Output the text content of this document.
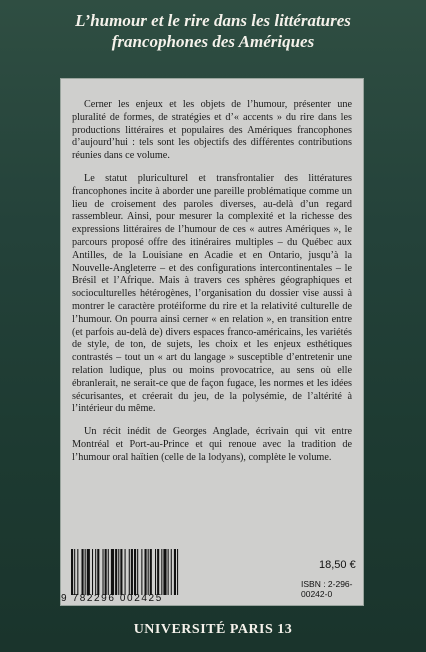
L’humour et le rire dans les littératures
francophones des Amériques

Cerner les enjeux et les objets de l’humour, présenter une pluralité de formes, de stratégies et d’« accents » du rire dans les productions littéraires et populaires des Amériques francophones d’aujourd’hui : tels sont les objectifs des différentes contributions réunies dans ce volume.

Le statut pluriculturel et transfrontalier des littératures francophones incite à aborder une pareille problématique comme un lieu de croisement des paroles diverses, au-delà d’un regard rassembleur. Ainsi, pour mesurer la complexité et la richesse des expressions littéraires de l’humour de ces « autres Amériques », le parcours proposé offre des itinéraires multiples – du Québec aux Antilles, de la Louisiane en Acadie et en Ontario, jusqu’à la Nouvelle-Angleterre – et des configurations intercontinentales – le Brésil et l’Afrique. Mais à travers ces sphères géographiques et socioculturelles hétérogènes, l’organisation du dossier vise aussi à montrer le caractère protéiforme du rire et la relativité culturelle de l’humour. On pourra ainsi cerner « en relation », en transition entre (et parfois au-delà de) divers espaces franco-américains, les variétés de style, de ton, de sujets, les choix et les enjeux esthétiques contrastés – tout un « art du langage » susceptible d’entretenir une relation ludique, plus ou moins provocatrice, au sens où elle ébranlerait, ne serait-ce que de façon fugace, les normes et les idées sécurisantes, et créerait du jeu, de la polysémie, de l’altérité à l’intérieur du même.

Un récit inédit de Georges Anglade, écrivain qui vit entre Montréal et Port-au-Prince et qui renoue avec la tradition de l’humour oral haïtien (celle de la lodyans), complète le volume.

9 782296 002425
18,50 €
ISBN : 2-296-00242-0
UNIVERSITÉ PARIS 13
